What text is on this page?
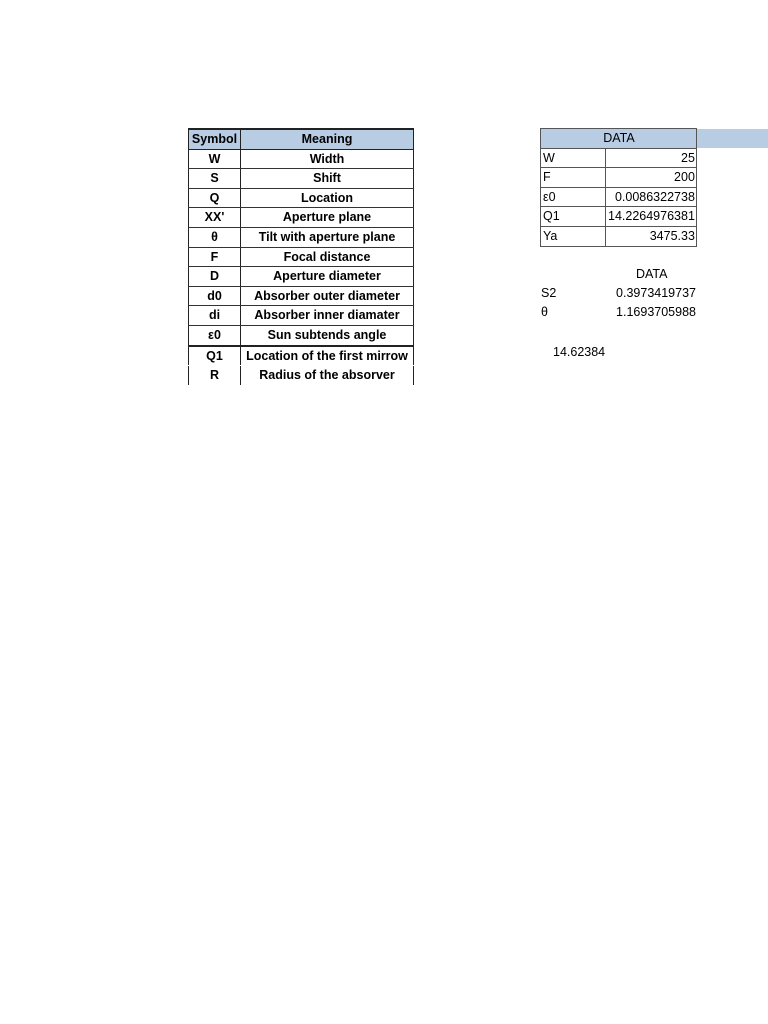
Symbol	Meaning
W	Width
S	Shift
Q	Location
XX'	Aperture plane
θ	Tilt with aperture plane
F	Focal distance
D	Aperture diameter
d0	Absorber outer diameter
di	Absorber inner diamater
ε0	Sun subtends angle
Q1	Location of the first mirrow
R	Radius of the absorver
DATA	
W	25
F	200
ε0	0.0086322738
Q1	14.2264976381
Ya	3475.33
DATA
S2	0.3973419737
θ	1.1693705988
14.62384
